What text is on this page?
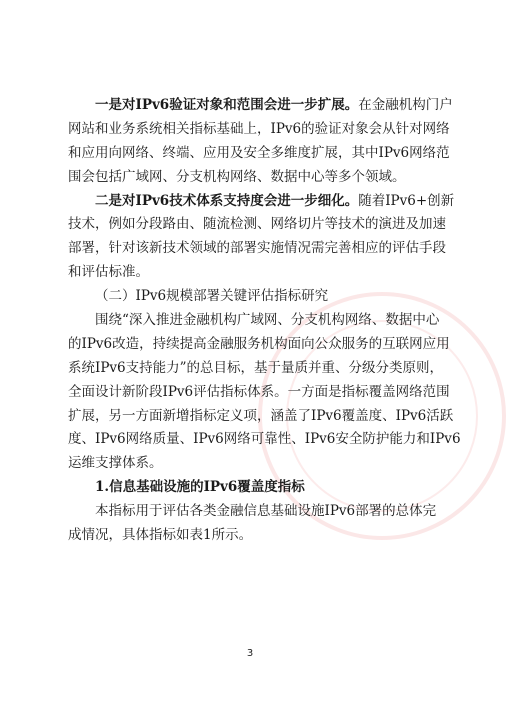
一是对IPv6验证对象和范围会进一步扩展。在金融机构门户
网站和业务系统相关指标基础上，IPv6的验证对象会从针对网络
和应用向网络、终端、应用及安全多维度扩展，其中IPv6网络范
围会包括广域网、分支机构网络、数据中心等多个领域。
二是对IPv6技术体系支持度会进一步细化。随着IPv6+创新
技术，例如分段路由、随流检测、网络切片等技术的演进及加速
部署，针对该新技术领域的部署实施情况需完善相应的评估手段
和评估标准。
（二）IPv6规模部署关键评估指标研究
围绕“深入推进金融机构广域网、分支机构网络、数据中心
的IPv6改造，持续提高金融服务机构面向公众服务的互联网应用
系统IPv6支持能力”的总目标，基于量质并重、分级分类原则，
全面设计新阶段IPv6评估指标体系。一方面是指标覆盖网络范围
扩展，另一方面新增指标定义项，涵盖了IPv6覆盖度、IPv6活跃
度、IPv6网络质量、IPv6网络可靠性、IPv6安全防护能力和IPv6
运维支撑体系。
1.信息基础设施的IPv6覆盖度指标
本指标用于评估各类金融信息基础设施IPv6部署的总体完
成情况，具体指标如表1所示。
3
